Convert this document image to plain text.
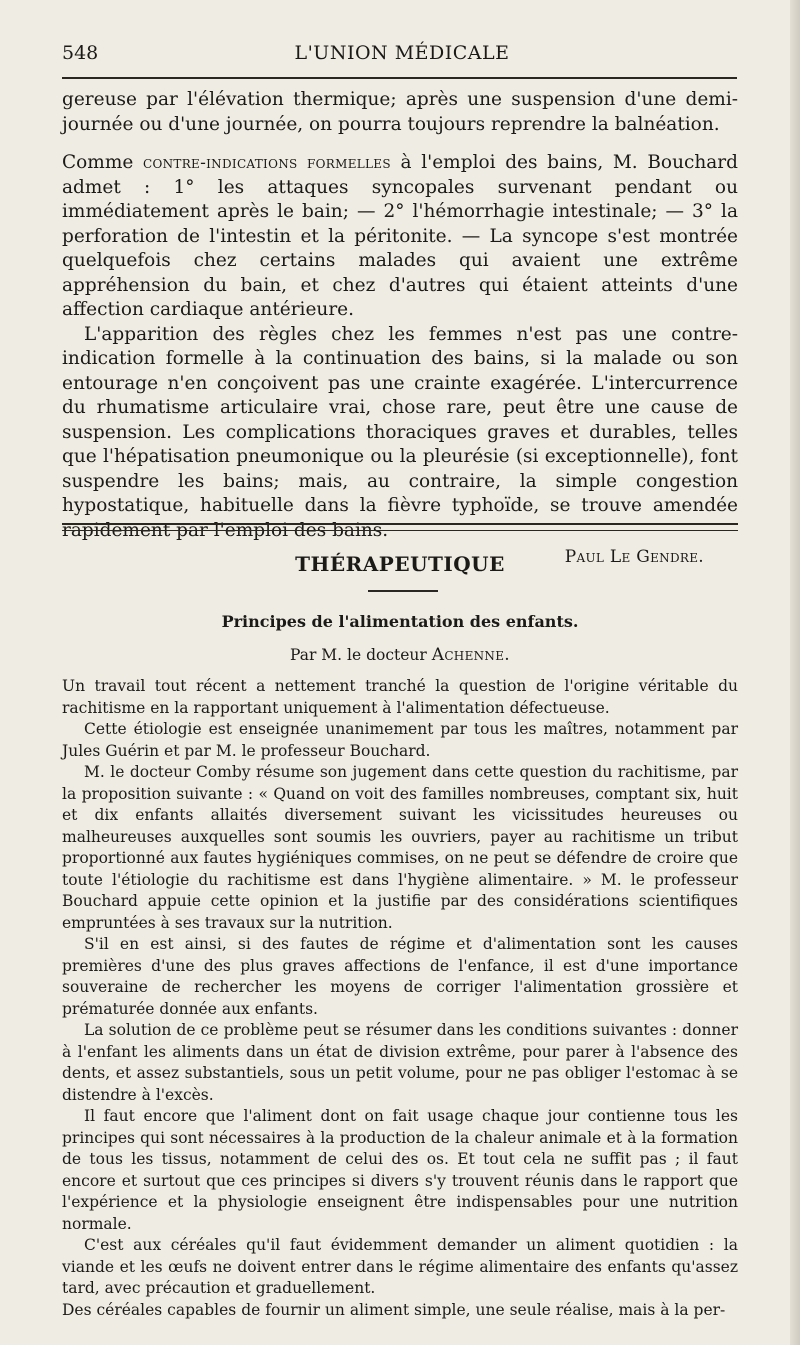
548	L'UNION MÉDICALE

gereuse par l'élévation thermique; après une suspension d'une demi-journée ou d'une journée, on pourra toujours reprendre la balnéation.

Comme contre-indications formelles à l'emploi des bains, M. Bouchard admet : 1° les attaques syncopales survenant pendant ou immédiatement après le bain; — 2° l'hémorrhagie intestinale; — 3° la perforation de l'intestin et la péritonite. — La syncope s'est montrée quelquefois chez certains malades qui avaient une extrême appréhension du bain, et chez d'autres qui étaient atteints d'une affection cardiaque antérieure.

L'apparition des règles chez les femmes n'est pas une contre-indication formelle à la continuation des bains, si la malade ou son entourage n'en conçoivent pas une crainte exagérée. L'intercurrence du rhumatisme articulaire vrai, chose rare, peut être une cause de suspension. Les complications thoraciques graves et durables, telles que l'hépatisation pneumonique ou la pleurésie (si exceptionnelle), font suspendre les bains; mais, au contraire, la simple congestion hypostatique, habituelle dans la fièvre typhoïde, se trouve amendée rapidement par l'emploi des bains.

Paul Le Gendre.

THÉRAPEUTIQUE
Principes de l'alimentation des enfants.
Par M. le docteur Achenne.

Un travail tout récent a nettement tranché la question de l'origine véritable du rachitisme en la rapportant uniquement à l'alimentation défectueuse.

Cette étiologie est enseignée unanimement par tous les maîtres, notamment par Jules Guérin et par M. le professeur Bouchard.

M. le docteur Comby résume son jugement dans cette question du rachitisme, par la proposition suivante : « Quand on voit des familles nombreuses, comptant six, huit et dix enfants allaités diversement suivant les vicissitudes heureuses ou malheureuses auxquelles sont soumis les ouvriers, payer au rachitisme un tribut proportionné aux fautes hygiéniques commises, on ne peut se défendre de croire que toute l'étiologie du rachitisme est dans l'hygiène alimentaire. » M. le professeur Bouchard appuie cette opinion et la justifie par des considérations scientifiques empruntées à ses travaux sur la nutrition.

S'il en est ainsi, si des fautes de régime et d'alimentation sont les causes premières d'une des plus graves affections de l'enfance, il est d'une importance souveraine de rechercher les moyens de corriger l'alimentation grossière et prématurée donnée aux enfants.

La solution de ce problème peut se résumer dans les conditions suivantes : donner à l'enfant les aliments dans un état de division extrême, pour parer à l'absence des dents, et assez substantiels, sous un petit volume, pour ne pas obliger l'estomac à se distendre à l'excès.

Il faut encore que l'aliment dont on fait usage chaque jour contienne tous les principes qui sont nécessaires à la production de la chaleur animale et à la formation de tous les tissus, notamment de celui des os. Et tout cela ne suffit pas ; il faut encore et surtout que ces principes si divers s'y trouvent réunis dans le rapport que l'expérience et la physiologie enseignent être indispensables pour une nutrition normale.

C'est aux céréales qu'il faut évidemment demander un aliment quotidien : la viande et les œufs ne doivent entrer dans le régime alimentaire des enfants qu'assez tard, avec précaution et graduellement.

Des céréales capables de fournir un aliment simple, une seule réalise, mais à la per-
